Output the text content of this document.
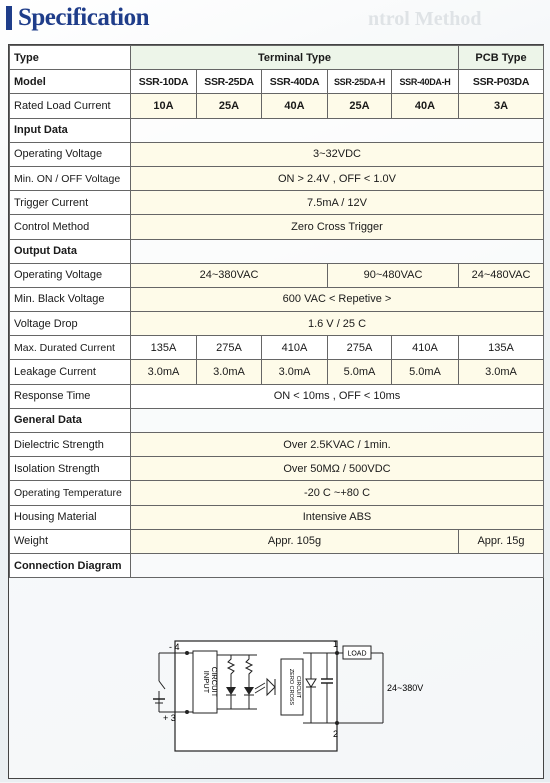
Specification	ntrol Method
Type	Terminal Type					PCB Type
Model	SSR-10DA	SSR-25DA	SSR-40DA	SSR-25DA-H	SSR-40DA-H	SSR-P03DA
Rated Load Current	10A	25A	40A	25A	40A	3A
Input Data						
Operating Voltage	3~32VDC					
Min. ON / OFF Voltage	ON > 2.4V , OFF < 1.0V					
Trigger Current	7.5mA / 12V					
Control Method	Zero Cross Trigger					
Output Data						
Operating Voltage	24~380VAC			90~480VAC		24~480VAC
Min. Black Voltage	600 VAC < Repetive >					
Voltage Drop	1.6 V / 25 C					
Max. Durated Current	135A	275A	410A	275A	410A	135A
Leakage Current	3.0mA	3.0mA	3.0mA	5.0mA	5.0mA	3.0mA
Response Time	ON < 10ms , OFF < 10ms					
General Data						
Dielectric Strength	Over 2.5KVAC / 1min.					
Isolation Strength	Over 50MΩ / 500VDC					
Operating Temperature	-20 C ~+80 C					
Housing Material	Intensive ABS					
Weight	Appr. 105g					Appr. 15g
Connection Diagram						
- 4
+ 3
INPUT CIRCUIT	ZERO CROSS CIRCUIT
1
2
LOAD
24~380V
